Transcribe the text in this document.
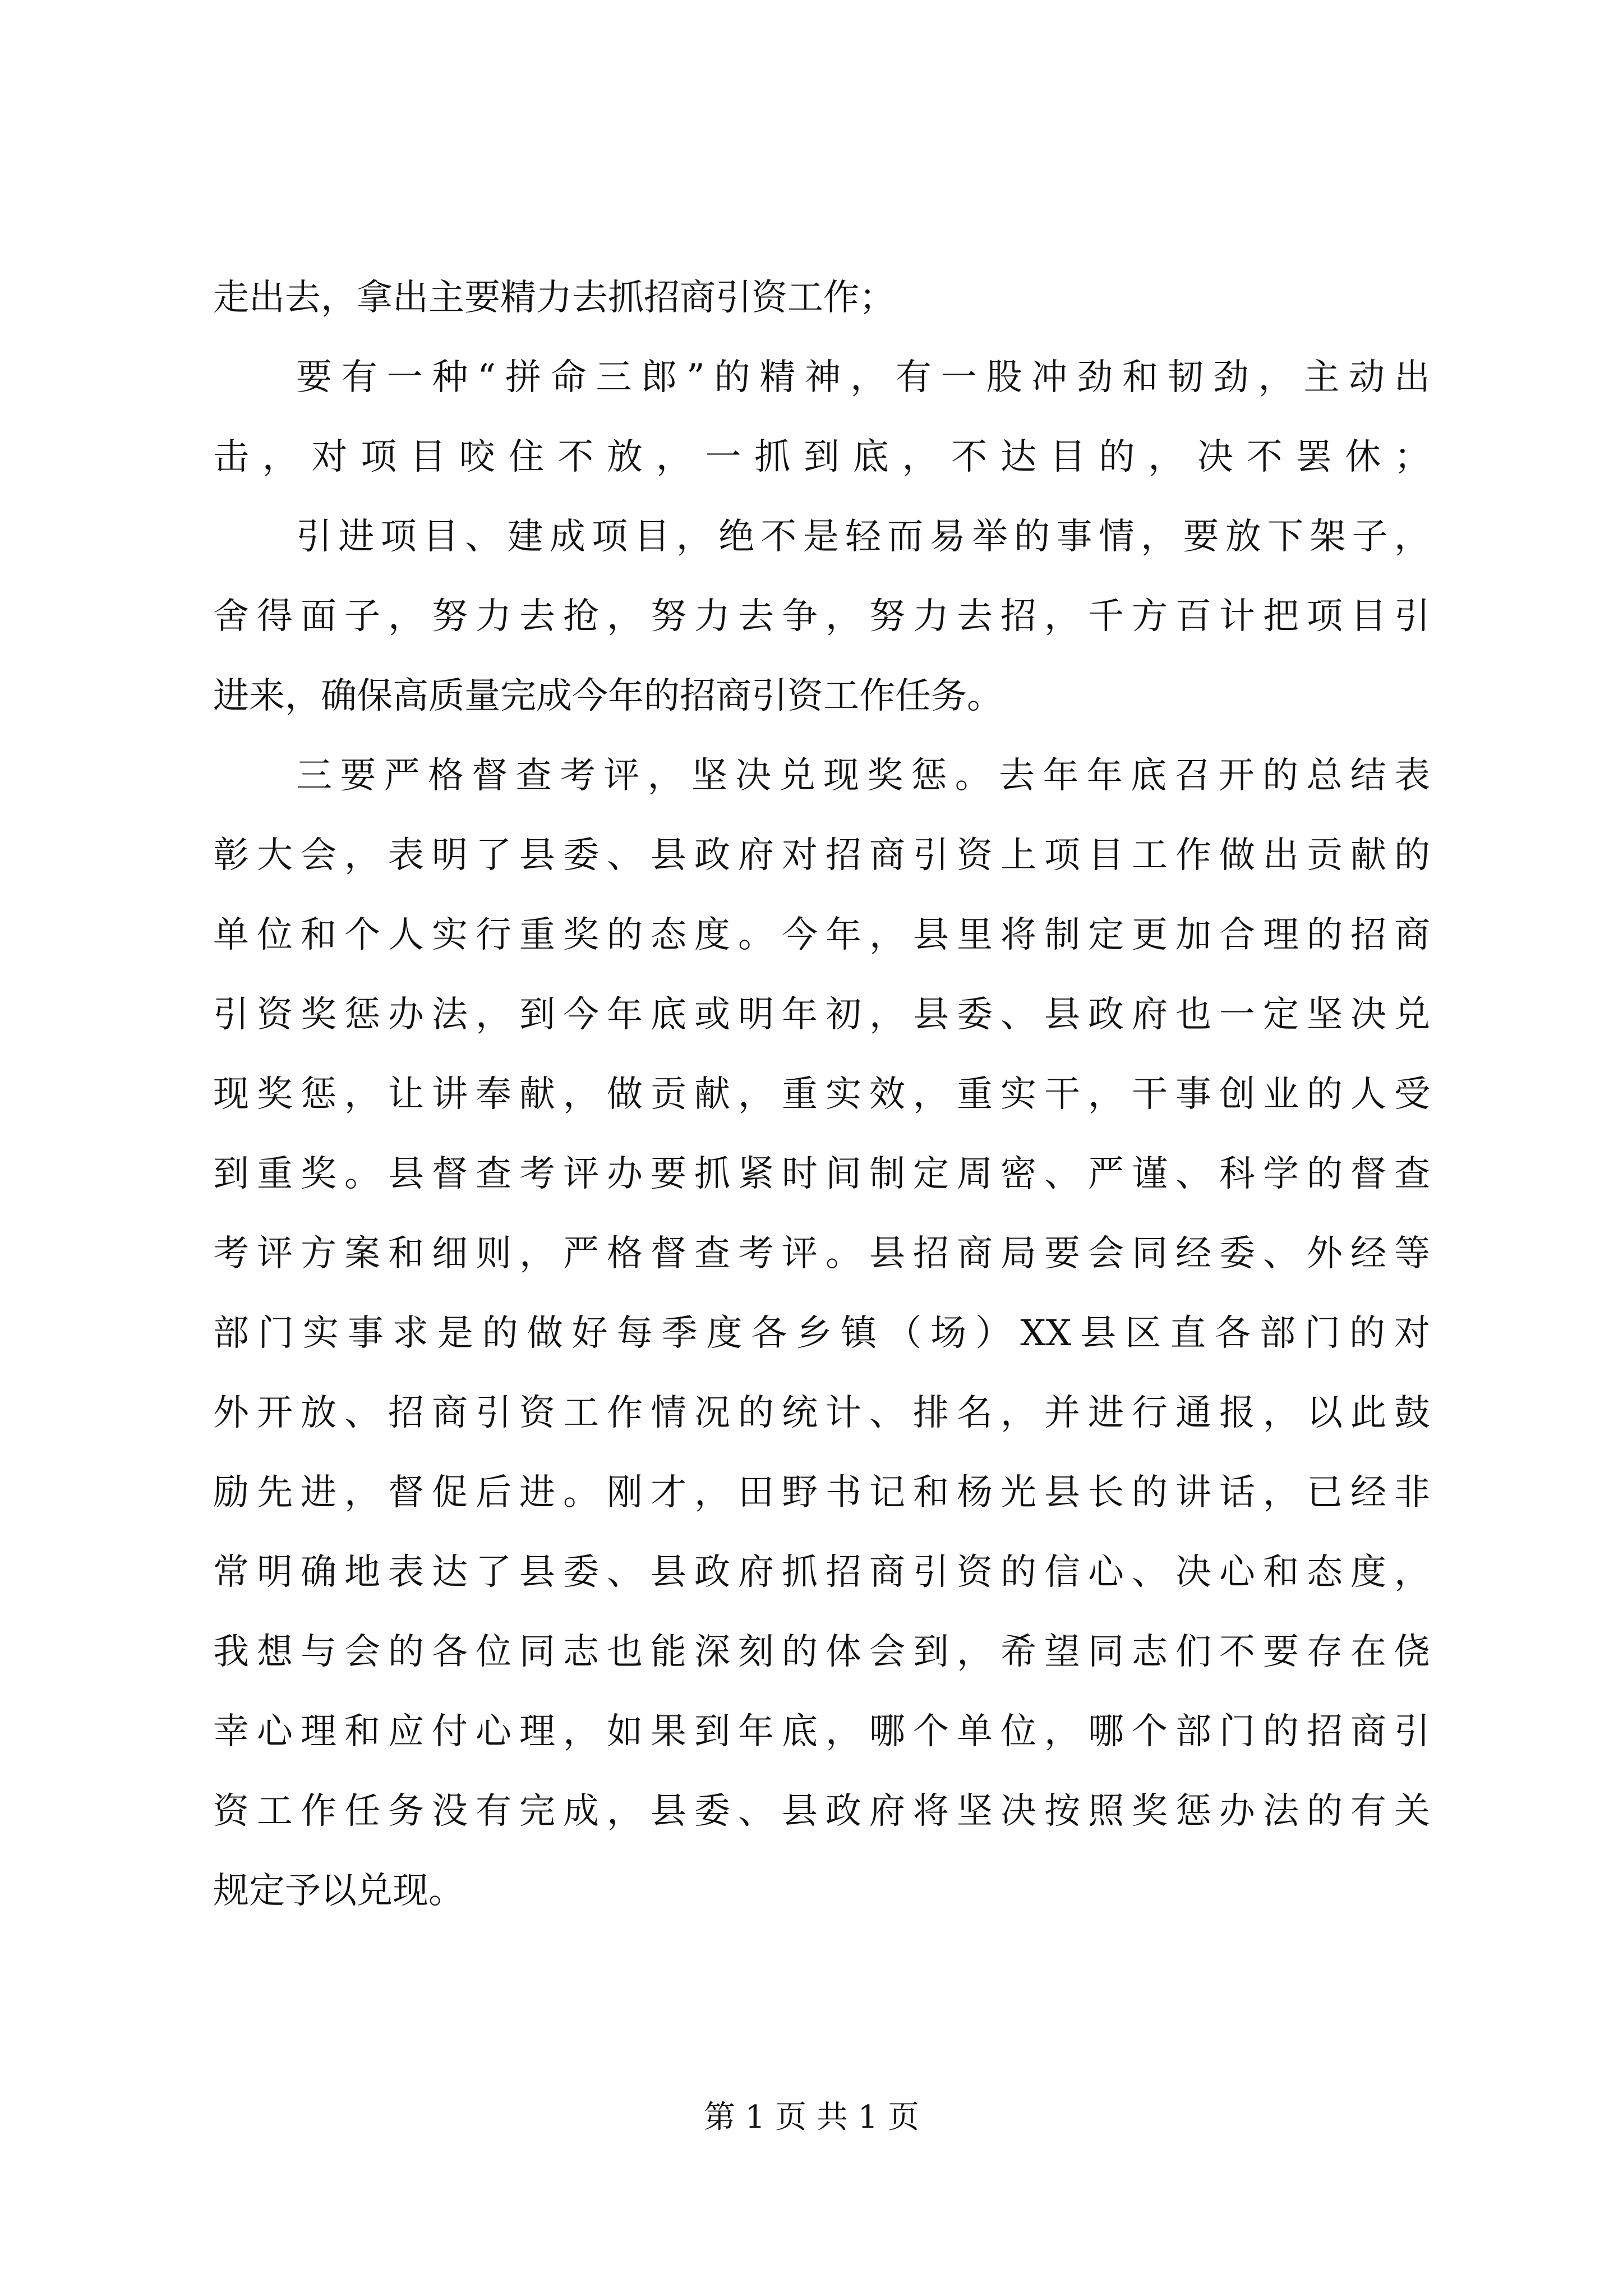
走出去，拿出主要精力去抓招商引资工作；
要有一种“拼命三郎”的精神，有一股冲劲和韧劲，主动出
击，对项目咬住不放，一抓到底，不达目的，决不罢休；
引进项目、建成项目，绝不是轻而易举的事情，要放下架子，
舍得面子，努力去抢，努力去争，努力去招，千方百计把项目引
进来，确保高质量完成今年的招商引资工作任务。
三要严格督查考评，坚决兑现奖惩。去年年底召开的总结表
彰大会，表明了县委、县政府对招商引资上项目工作做出贡献的
单位和个人实行重奖的态度。今年，县里将制定更加合理的招商
引资奖惩办法，到今年底或明年初，县委、县政府也一定坚决兑
现奖惩，让讲奉献，做贡献，重实效，重实干，干事创业的人受
到重奖。县督查考评办要抓紧时间制定周密、严谨、科学的督查
考评方案和细则，严格督查考评。县招商局要会同经委、外经等
部门实事求是的做好每季度各乡镇（场）XX县区直各部门的对
外开放、招商引资工作情况的统计、排名，并进行通报，以此鼓
励先进，督促后进。刚才，田野书记和杨光县长的讲话，已经非
常明确地表达了县委、县政府抓招商引资的信心、决心和态度，
我想与会的各位同志也能深刻的体会到，希望同志们不要存在侥
幸心理和应付心理，如果到年底，哪个单位，哪个部门的招商引
资工作任务没有完成，县委、县政府将坚决按照奖惩办法的有关
规定予以兑现。
第 1 页 共 1 页
